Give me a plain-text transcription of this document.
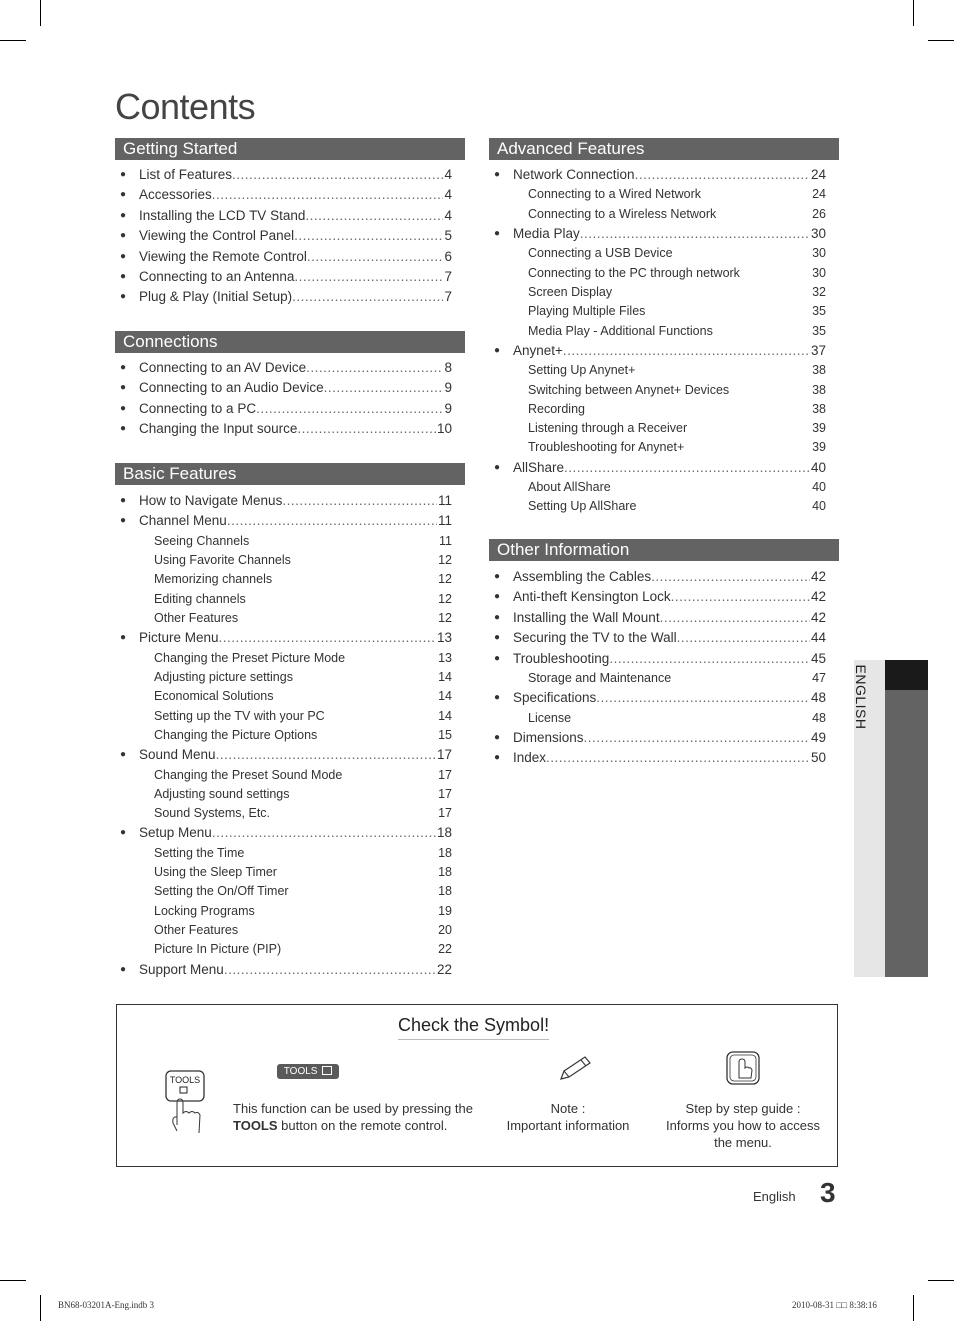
Contents
Getting Started
● List of Features .....	4
● Accessories .....	4
● Installing the LCD TV Stand .....	4
● Viewing the Control Panel .....	5
● Viewing the Remote Control .....	6
● Connecting to an Antenna .....	7
● Plug & Play (Initial Setup) .....	7
Connections
● Connecting to an AV Device .....	8
● Connecting to an Audio Device .....	9
● Connecting to a PC .....	9
● Changing the Input source .....	10
Basic Features
● How to Navigate Menus .....	11
● Channel Menu .....	11
Seeing Channels	11
Using Favorite Channels	12
Memorizing channels	12
Editing channels	12
Other Features	12
● Picture Menu .....	13
Changing the Preset Picture Mode	13
Adjusting picture settings	14
Economical Solutions	14
Setting up the TV with your PC	14
Changing the Picture Options	15
● Sound Menu .....	17
Changing the Preset Sound Mode	17
Adjusting sound settings	17
Sound Systems, Etc.	17
● Setup Menu .....	18
Setting the Time	18
Using the Sleep Timer	18
Setting the On/Off Timer	18
Locking Programs	19
Other Features	20
Picture In Picture (PIP)	22
● Support Menu .....	22
Advanced Features
● Network Connection .....	24
Connecting to a Wired Network	24
Connecting to a Wireless Network	26
● Media Play .....	30
Connecting a USB Device	30
Connecting to the PC through network	30
Screen Display	32
Playing Multiple Files	35
Media Play - Additional Functions	35
● Anynet+ .....	37
Setting Up Anynet+	38
Switching between Anynet+ Devices	38
Recording	38
Listening through a Receiver	39
Troubleshooting for Anynet+	39
● AllShare .....	40
About AllShare	40
Setting Up AllShare	40
Other Information
● Assembling the Cables .....	42
● Anti-theft Kensington Lock .....	42
● Installing the Wall Mount .....	42
● Securing the TV to the Wall .....	44
● Troubleshooting .....	45
Storage and Maintenance	47
● Specifications .....	48
License	48
● Dimensions .....	49
● Index .....	50
ENGLISH
Check the Symbol!
TOOLS
TOOLS
This function can be used by pressing the
TOOLS button on the remote control.
Note :
Important information
Step by step guide :
Informs you how to access
the menu.
English 3
BN68-03201A-Eng.indb 3	2010-08-31 □□ 8:38:16
